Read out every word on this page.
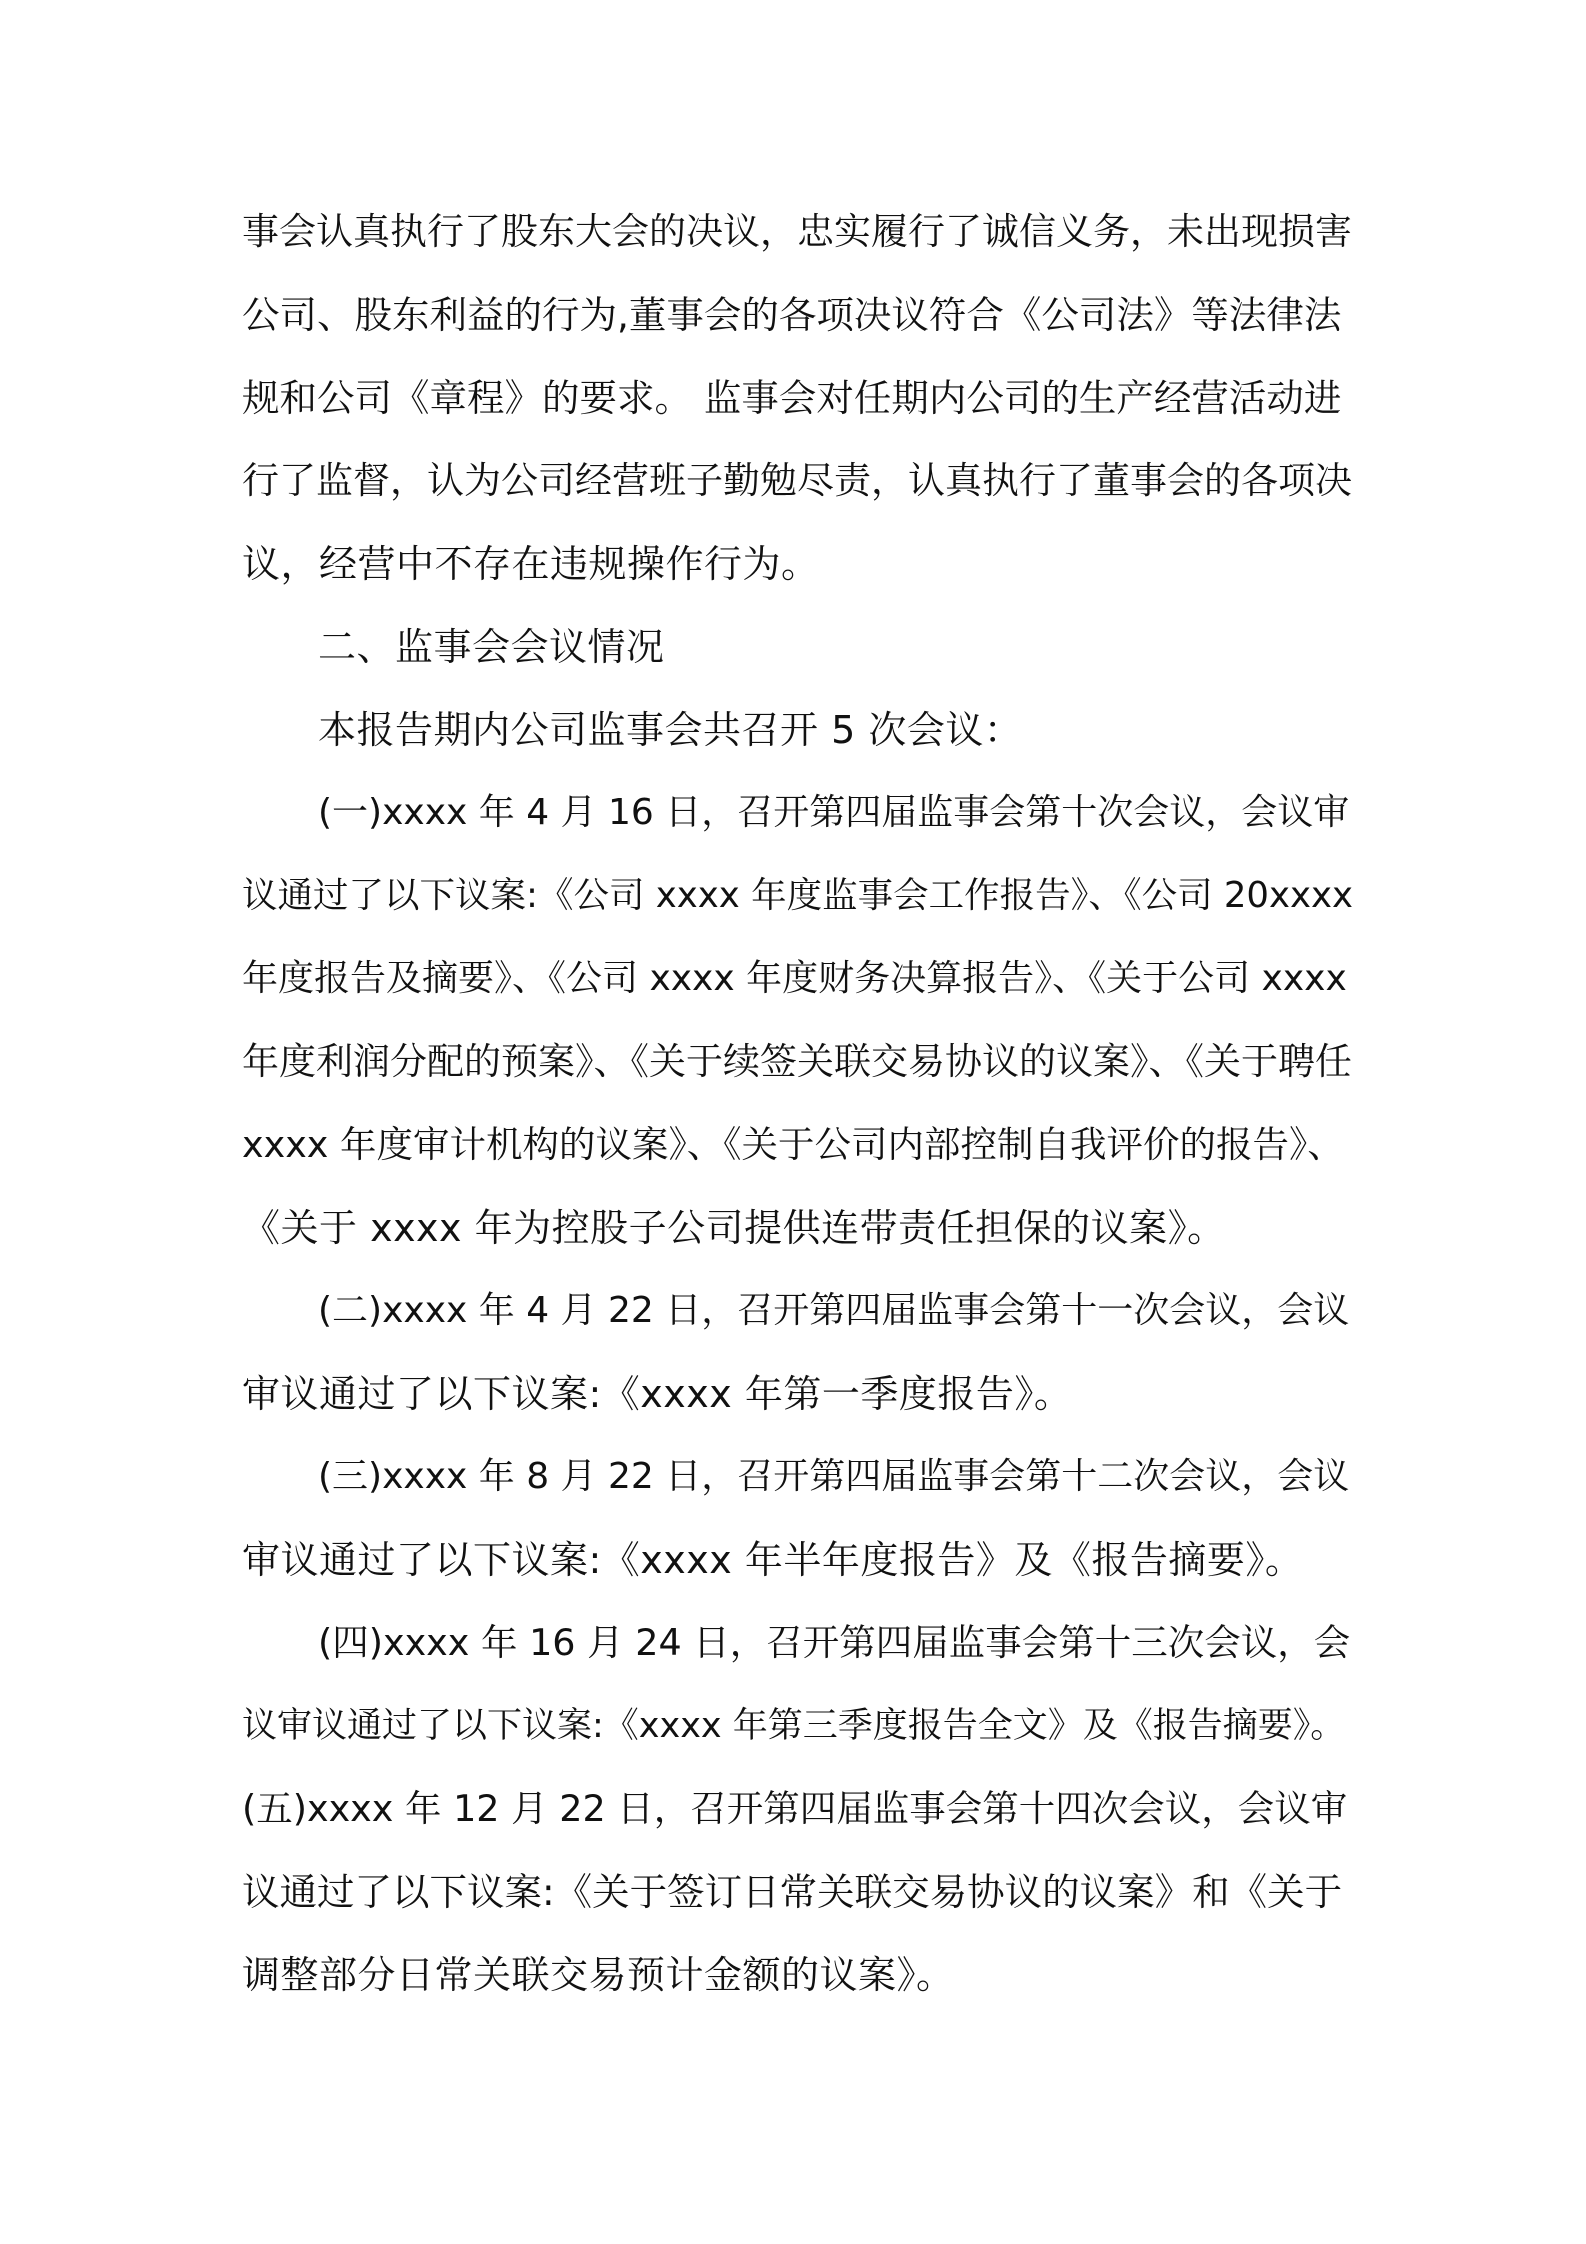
事会认真执行了股东大会的决议，忠实履行了诚信义务，未出现损害
公司、股东利益的行为,董事会的各项决议符合《公司法》等法律法
规和公司《章程》的要求。 监事会对任期内公司的生产经营活动进
行了监督，认为公司经营班子勤勉尽责，认真执行了董事会的各项决
议，经营中不存在违规操作行为。
二、监事会会议情况
本报告期内公司监事会共召开 5 次会议：
(一)xxxx 年 4 月 16 日，召开第四届监事会第十次会议，会议审
议通过了以下议案:《公司 xxxx 年度监事会工作报告》、《公司 20xxxx
年度报告及摘要》、《公司 xxxx 年度财务决算报告》、《关于公司 xxxx
年度利润分配的预案》、《关于续签关联交易协议的议案》、《关于聘任
xxxx 年度审计机构的议案》、《关于公司内部控制自我评价的报告》、
《关于 xxxx 年为控股子公司提供连带责任担保的议案》。
(二)xxxx 年 4 月 22 日，召开第四届监事会第十一次会议，会议
审议通过了以下议案:《xxxx 年第一季度报告》。
(三)xxxx 年 8 月 22 日，召开第四届监事会第十二次会议，会议
审议通过了以下议案:《xxxx 年半年度报告》及《报告摘要》。
(四)xxxx 年 16 月 24 日，召开第四届监事会第十三次会议，会
议审议通过了以下议案:《xxxx 年第三季度报告全文》及《报告摘要》。
(五)xxxx 年 12 月 22 日，召开第四届监事会第十四次会议，会议审
议通过了以下议案:《关于签订日常关联交易协议的议案》和《关于
调整部分日常关联交易预计金额的议案》。
